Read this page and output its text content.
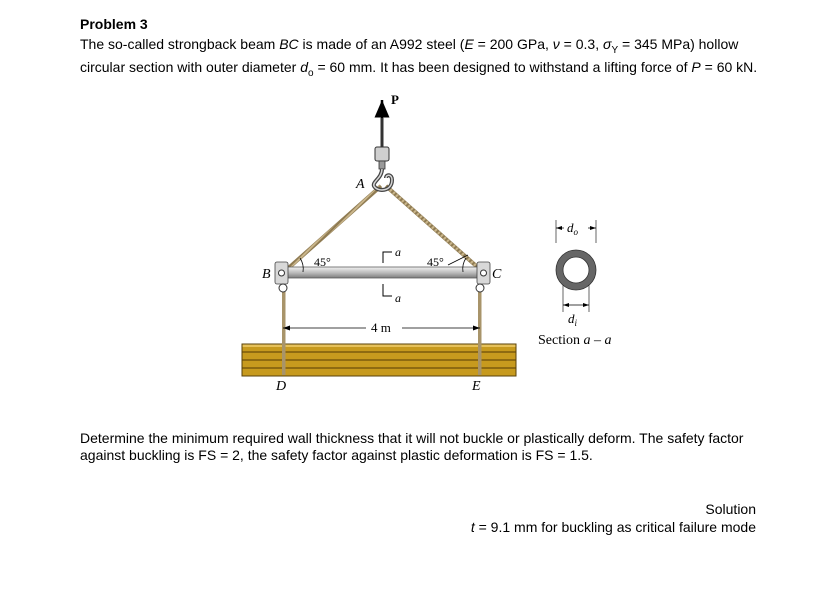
Problem 3
The so-called strongback beam BC is made of an A992 steel (E = 200 GPa, ν = 0.3, $\sigma_Y = 345$ MPa) hollow circular section with outer diameter $d_o = 60$ mm. It has been designed to withstand a lifting force of P = 60 kN.
P
A
B	C
D	E
45°	45°
a
a
4 m
$d_o$
$d_i$
Section a – a
Determine the minimum required wall thickness that it will not buckle or plastically deform. The safety factor against buckling is FS = 2, the safety factor against plastic deformation is FS = 1.5.
Solution
t = 9.1 mm for buckling as critical failure mode
